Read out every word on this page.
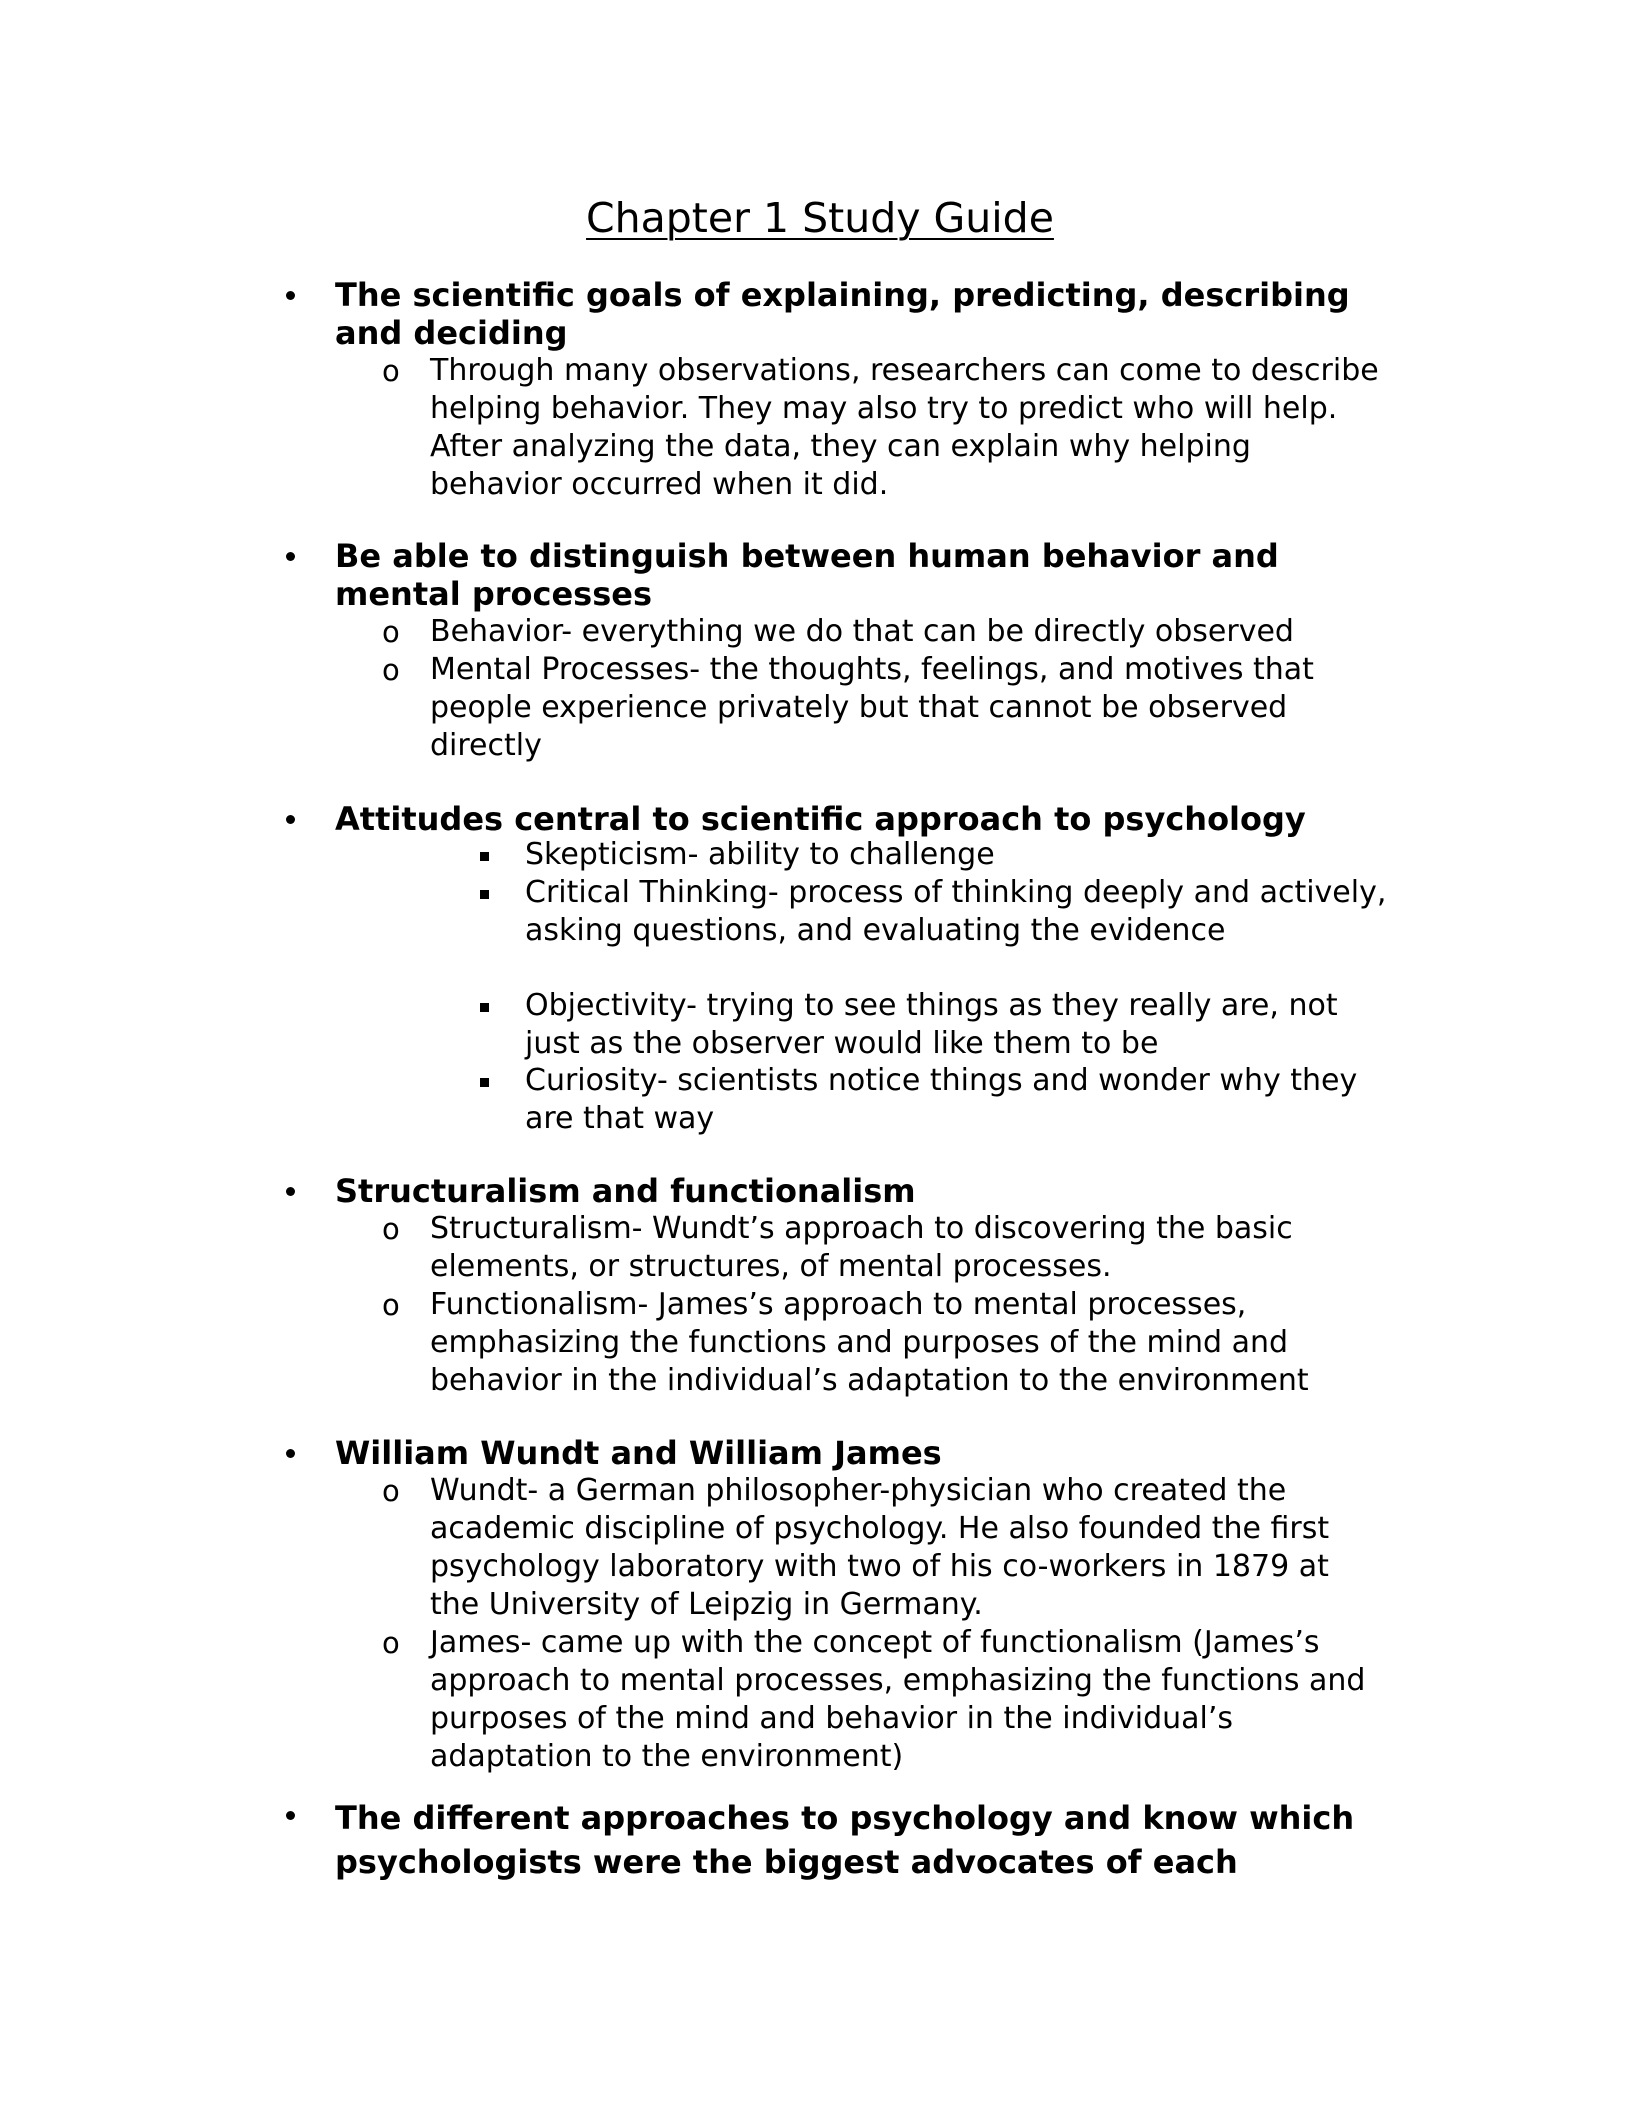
Chapter 1 Study Guide
The scientific goals of explaining, predicting, describing and deciding
o Through many observations, researchers can come to describe helping behavior. They may also try to predict who will help. After analyzing the data, they can explain why helping behavior occurred when it did.
Be able to distinguish between human behavior and mental processes
o Behavior- everything we do that can be directly observed
o Mental Processes- the thoughts, feelings, and motives that people experience privately but that cannot be observed directly
Attitudes central to scientific approach to psychology
Skepticism- ability to challenge
Critical Thinking- process of thinking deeply and actively, asking questions, and evaluating the evidence
Objectivity- trying to see things as they really are, not just as the observer would like them to be
Curiosity- scientists notice things and wonder why they are that way
Structuralism and functionalism
o Structuralism- Wundt’s approach to discovering the basic elements, or structures, of mental processes.
o Functionalism- James’s approach to mental processes, emphasizing the functions and purposes of the mind and behavior in the individual’s adaptation to the environment
William Wundt and William James
o Wundt- a German philosopher-physician who created the academic discipline of psychology. He also founded the first psychology laboratory with two of his co-workers in 1879 at the University of Leipzig in Germany.
o James- came up with the concept of functionalism (James’s approach to mental processes, emphasizing the functions and purposes of the mind and behavior in the individual’s adaptation to the environment)
The different approaches to psychology and know which psychologists were the biggest advocates of each
